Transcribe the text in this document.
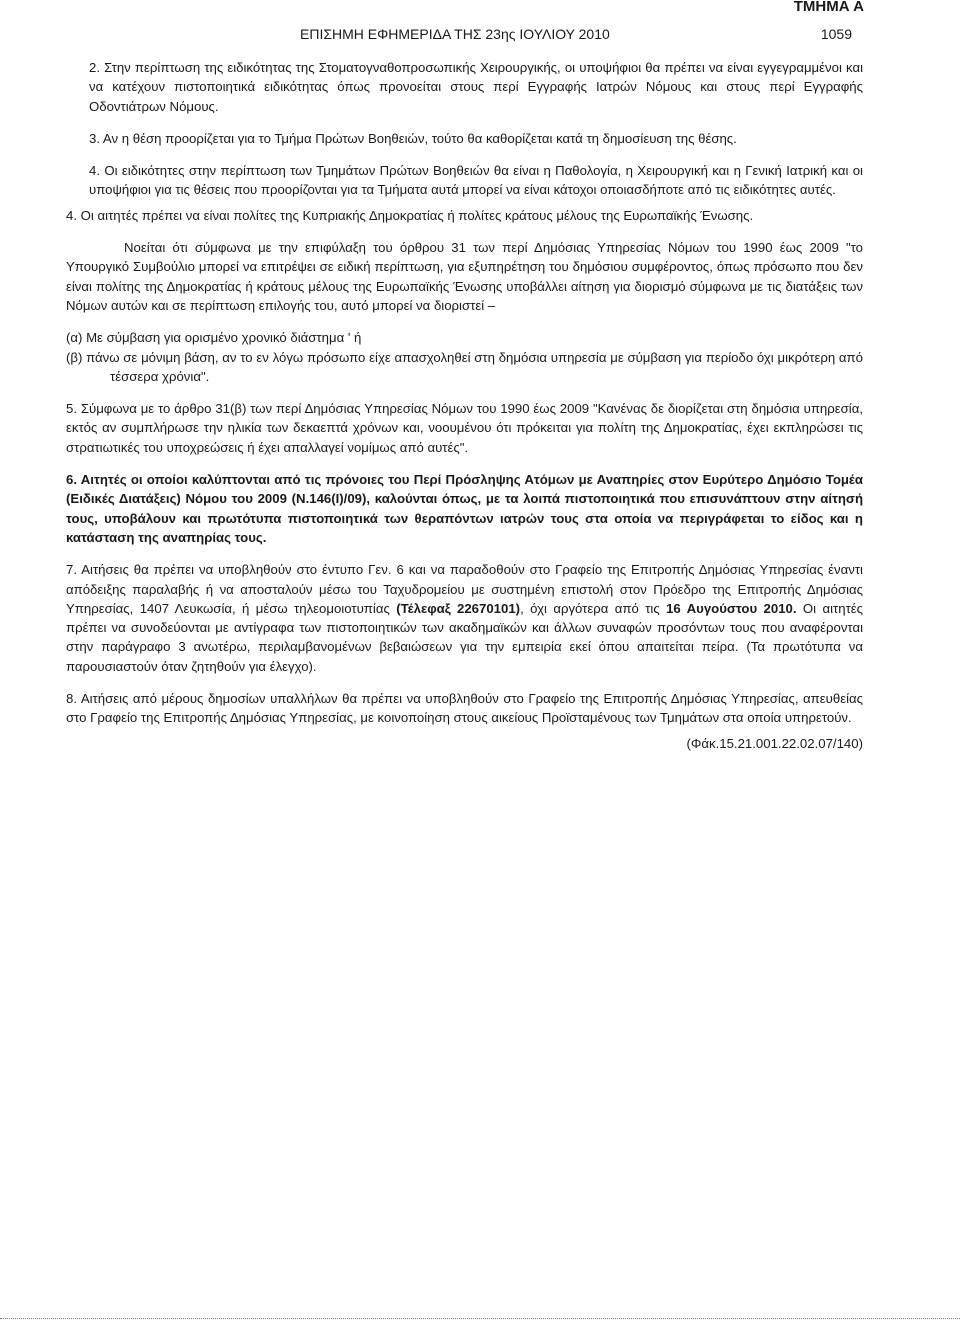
ΤΜΗΜΑ Α
ΕΠΙΣΗΜΗ ΕΦΗΜΕΡΙΔΑ ΤΗΣ 23ης ΙΟΥΛΙΟΥ 2010	1059

2. Στην περίπτωση της ειδικότητας της Στοματογναθοπροσωπικής Χειρουργικής, οι υποψήφιοι θα πρέπει να είναι εγγεγραμμένοι και να κατέχουν πιστοποιητικά ειδικότητας όπως προνοείται στους περί Εγγραφής Ιατρών Νόμους και στους περί Εγγραφής Οδοντιάτρων Νόμους.

3. Αν η θέση προορίζεται για το Τμήμα Πρώτων Βοηθειών, τούτο θα καθορίζεται κατά τη δημοσίευση της θέσης.

4. Οι ειδικότητες στην περίπτωση των Τμημάτων Πρώτων Βοηθειών θα είναι η Παθολογία, η Χειρουργική και η Γενική Ιατρική και οι υποψήφιοι για τις θέσεις που προορίζονται για τα Τμήματα αυτά μπορεί να είναι κάτοχοι οποιασδήποτε από τις ειδικότητες αυτές.

4. Οι αιτητές πρέπει να είναι πολίτες της Κυπριακής Δημοκρατίας ή πολίτες κράτους μέλους της Ευρωπαϊκής Ένωσης.

Νοείται ότι σύμφωνα με την επιφύλαξη του όρθρου 31 των περί Δημόσιας Υπηρεσίας Νόμων του 1990 έως 2009 "το Υπουργικό Συμβούλιο μπορεί να επιτρέψει σε ειδική περίπτωση, για εξυπηρέτηση του δημόσιου συμφέροντος, όπως πρόσωπο που δεν είναι πολίτης της Δημοκρατίας ή κράτους μέλους της Ευρωπαϊκής Ένωσης υποβάλλει αίτηση για διορισμό σύμφωνα με τις διατάξεις των Νόμων αυτών και σε περίπτωση επιλογής του, αυτό μπορεί να διοριστεί –

(α) Με σύμβαση για ορισμένο χρονικό διάστημα ' ή

(β) πάνω σε μόνιμη βάση, αν το εν λόγω πρόσωπο είχε απασχοληθεί στη δημόσια υπηρεσία με σύμβαση για περίοδο όχι μικρότερη από τέσσερα χρόνια".

5. Σύμφωνα με το άρθρο 31(β) των περί Δημόσιας Υπηρεσίας Νόμων του 1990 έως 2009 "Κανένας δε διορίζεται στη δημόσια υπηρεσία, εκτός αν συμπλήρωσε την ηλικία των δεκαεπτά χρόνων και, νοουμένου ότι πρόκειται για πολίτη της Δημοκρατίας, έχει εκπληρώσει τις στρατιωτικές του υποχρεώσεις ή έχει απαλλαγεί νομίμως από αυτές".

6. Αιτητές οι οποίοι καλύπτονται από τις πρόνοιες του Περί Πρόσληψης Ατόμων με Αναπηρίες στον Ευρύτερο Δημόσιο Τομέα (Ειδικές Διατάξεις) Νόμου του 2009 (Ν.146(Ι)/09), καλούνται όπως, με τα λοιπά πιστοποιητικά που επισυνάπτουν στην αίτησή τους, υποβάλουν και πρωτότυπα πιστοποιητικά των θεραπόντων ιατρών τους στα οποία να περιγράφεται το είδος και η κατάσταση της αναπηρίας τους.

7. Αιτήσεις θα πρέπει να υποβληθούν στο έντυπο Γεν. 6 και να παραδοθούν στο Γραφείο της Επιτροπής Δημόσιας Υπηρεσίας έναντι απόδειξης παραλαβής ή να αποσταλούν μέσω του Ταχυδρομείου με συστημένη επιστολή στον Πρόεδρο της Επιτροπής Δημόσιας Υπηρεσίας, 1407 Λευκωσία, ή μέσω τηλεομοιοτυπίας (Τέλεφαξ 22670101), όχι αργότερα από τις 16 Αυγούστου 2010. Οι αιτητές πρέπει να συνοδεύονται με αντίγραφα των πιστοποιητικών των ακαδημαϊκών και άλλων συναφών προσόντων τους που αναφέρονται στην παράγραφο 3 ανωτέρω, περιλαμβανομένων βεβαιώσεων για την εμπειρία εκεί όπου απαιτείται πείρα. (Τα πρωτότυπα να παρουσιαστούν όταν ζητηθούν για έλεγχο).

8. Αιτήσεις από μέρους δημοσίων υπαλλήλων θα πρέπει να υποβληθούν στο Γραφείο της Επιτροπής Δημόσιας Υπηρεσίας, απευθείας στο Γραφείο της Επιτροπής Δημόσιας Υπηρεσίας, με κοινοποίηση στους αικείους Προϊσταμένους των Τμημάτων στα οποία υπηρετούν.

(Φάκ.15.21.001.22.02.07/140)
